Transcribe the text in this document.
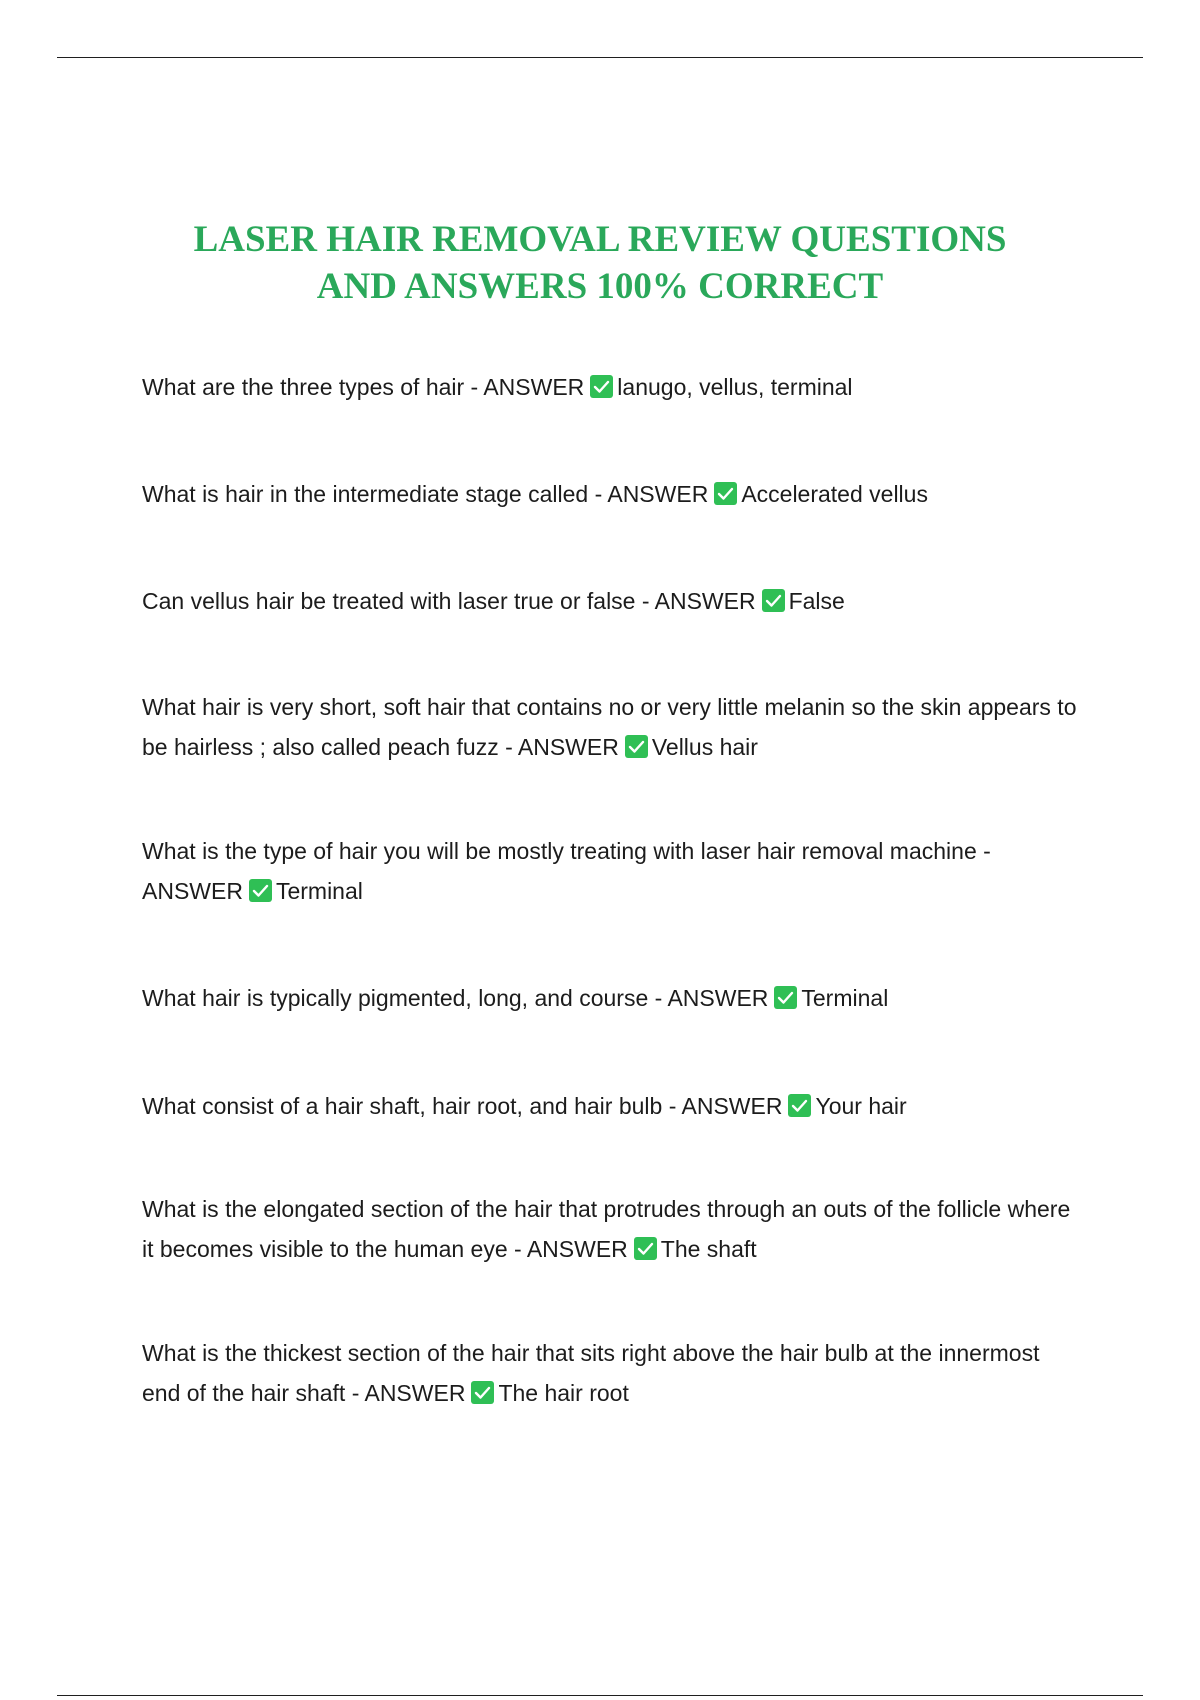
LASER HAIR REMOVAL REVIEW QUESTIONS
AND ANSWERS 100% CORRECT
What are the three types of hair - ANSWER lanugo, vellus, terminal
What is hair in the intermediate stage called - ANSWER Accelerated vellus
Can vellus hair be treated with laser true or false - ANSWER False
What hair is very short, soft hair that contains no or very little melanin so the skin appears to be hairless ; also called peach fuzz - ANSWER Vellus hair
What is the type of hair you will be mostly treating with laser hair removal machine - ANSWER Terminal
What hair is typically pigmented, long, and course - ANSWER Terminal
What consist of a hair shaft, hair root, and hair bulb - ANSWER Your hair
What is the elongated section of the hair that protrudes through an outs of the follicle where it becomes visible to the human eye - ANSWER The shaft
What is the thickest section of the hair that sits right above the hair bulb at the innermost end of the hair shaft - ANSWER The hair root
